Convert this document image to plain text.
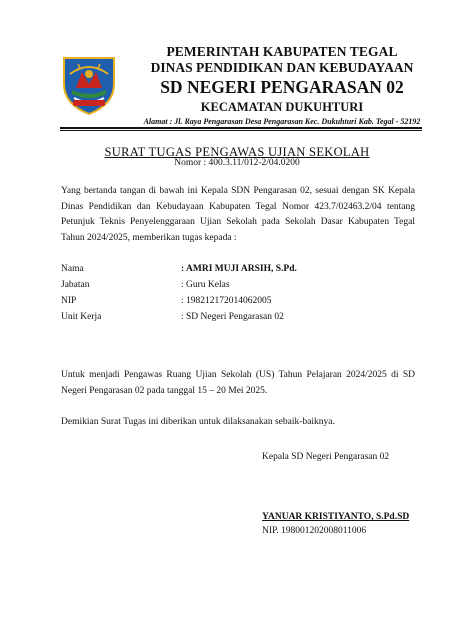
PEMERINTAH KABUPATEN TEGAL
DINAS PENDIDIKAN DAN KEBUDAYAAN
SD NEGERI PENGARASAN 02
KECAMATAN DUKUHTURI
Alamat : Jl. Raya Pengarasan Desa Pengarasan Kec. Dukuhturi Kab. Tegal - 52192
SURAT TUGAS PENGAWAS UJIAN SEKOLAH
Nomor : 400.3.11/012-2/04.0200
Yang bertanda tangan di bawah ini Kepala SDN Pengarasan 02, sesuai dengan SK Kepala Dinas Pendidikan dan Kebudayaan Kabupaten Tegal Nomor 423.7/02463.2/04 tentang Petunjuk Teknis Penyelenggaraan Ujian Sekolah pada Sekolah Dasar Kabupaten Tegal Tahun 2024/2025, memberikan tugas kepada :
Nama	: AMRI MUJI ARSIH, S.Pd.
Jabatan	: Guru Kelas
NIP	: 198212172014062005
Unit Kerja	: SD Negeri Pengarasan 02
Untuk menjadi Pengawas Ruang Ujian Sekolah (US) Tahun Pelajaran 2024/2025 di SD Negeri Pengarasan 02 pada tanggal 15 – 20 Mei 2025.
Demikian Surat Tugas ini diberikan untuk dilaksanakan sebaik-baiknya.
Kepala SD Negeri Pengarasan 02
YANUAR KRISTIYANTO, S.Pd.SD
NIP. 198001202008011006
